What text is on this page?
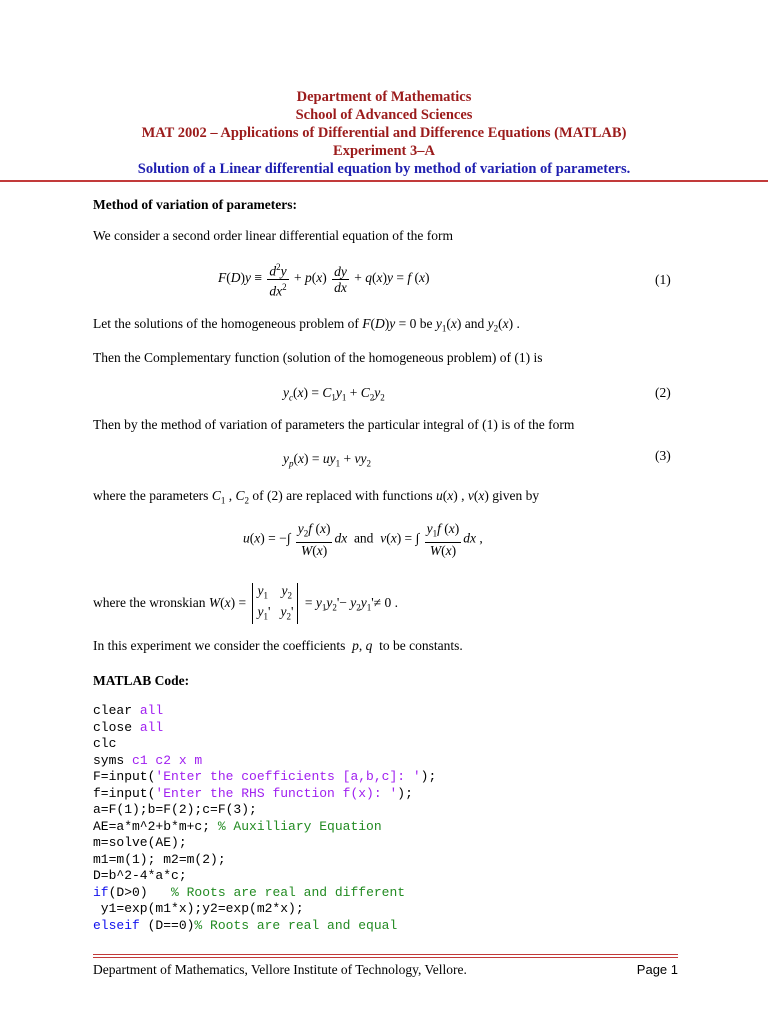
Department of Mathematics
School of Advanced Sciences
MAT 2002 – Applications of Differential and Difference Equations (MATLAB)
Experiment 3–A
Solution of a Linear differential equation by method of variation of parameters.
Method of variation of parameters:
We consider a second order linear differential equation of the form
$F(D)y \equiv \frac{d^2y}{dx^2} + p(x) \frac{dy}{dx} + q(x)y = f$ (x)	(1)
Let the solutions of the homogeneous problem of F(D)y = 0 be $y_1(x)$ and $y_2(x)$ .
Then the Complementary function (solution of the homogeneous problem) of (1) is
$y_c(x) = C_1y_1 + C_2y_2$	(2)
Then by the method of variation of parameters the particular integral of (1) is of the form
$y_p(x) = uy_1 + vy_2$
(3)
where the parameters $C_1$ , $C_2$ of (2) are replaced with functions u(x) , v(x) given by
u(x) = −∫ $\frac{y_2f (x)}{W(x)}$ dx and v(x) = ∫ $\frac{y_1f (x)}{W(x)}$ dx ,
where the wronskian W(x) =
$y_1$ $y_2$
$y_1'$   $y_2'$
= $y_1y_2'- y_2y_1'\ne 0$ .
In this experiment we consider the coefficients p, q to be constants.
MATLAB Code:
clear all
close all
clc
syms c1 c2 x m
F=input('Enter the coefficients [a,b,c]: ');
f=input('Enter the RHS function f(x): ');
a=F(1);b=F(2);c=F(3);
AE=a*m^2+b*m+c; % Auxilliary Equation
m=solve(AE);
m1=m(1); m2=m(2);
D=b^2-4*a*c;
if(D>0)   % Roots are real and different
y1=exp(m1*x);y2=exp(m2*x);
elseif (D==0)% Roots are real and equal
Department of Mathematics, Vellore Institute of Technology, Vellore.	Page 1
